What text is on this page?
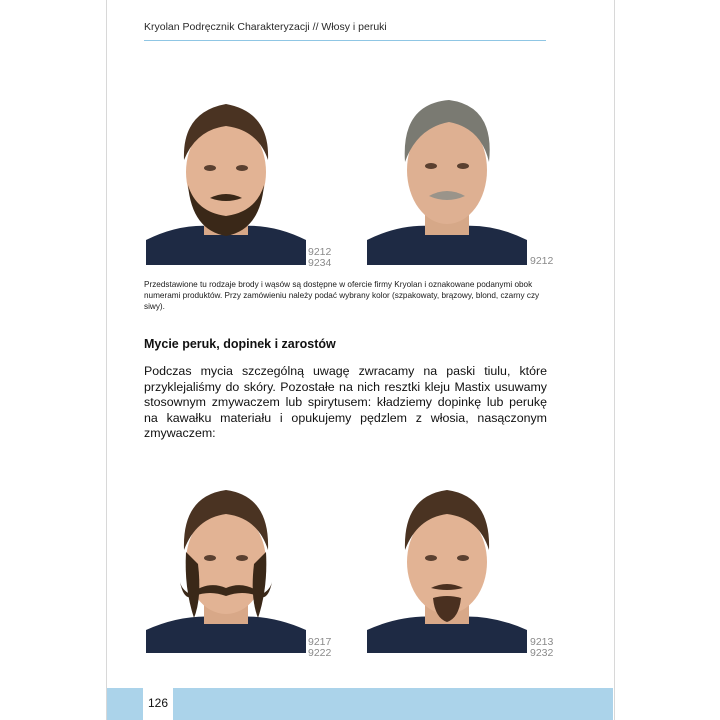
Kryolan Podręcznik Charakteryzacji // Włosy i peruki
9212
9234	9212
Przedstawione tu rodzaje brody i wąsów są dostępne w ofercie firmy Kryolan i oznakowane podanymi obok numerami produktów. Przy zamówieniu należy podać wybrany kolor (szpakowaty, brązowy, blond, czarny czy siwy).
Mycie peruk, dopinek i zarostów
Podczas mycia szczególną uwagę zwracamy na paski tiulu, które przyklejaliśmy do skóry. Pozostałe na nich resztki kleju Mastix usuwamy stosownym zmywaczem lub spirytusem: kładziemy dopinkę lub perukę na kawałku materiału i opukujemy pędzlem z włosia, nasączonym zmywaczem:
9217
9222
9213
9232
126
